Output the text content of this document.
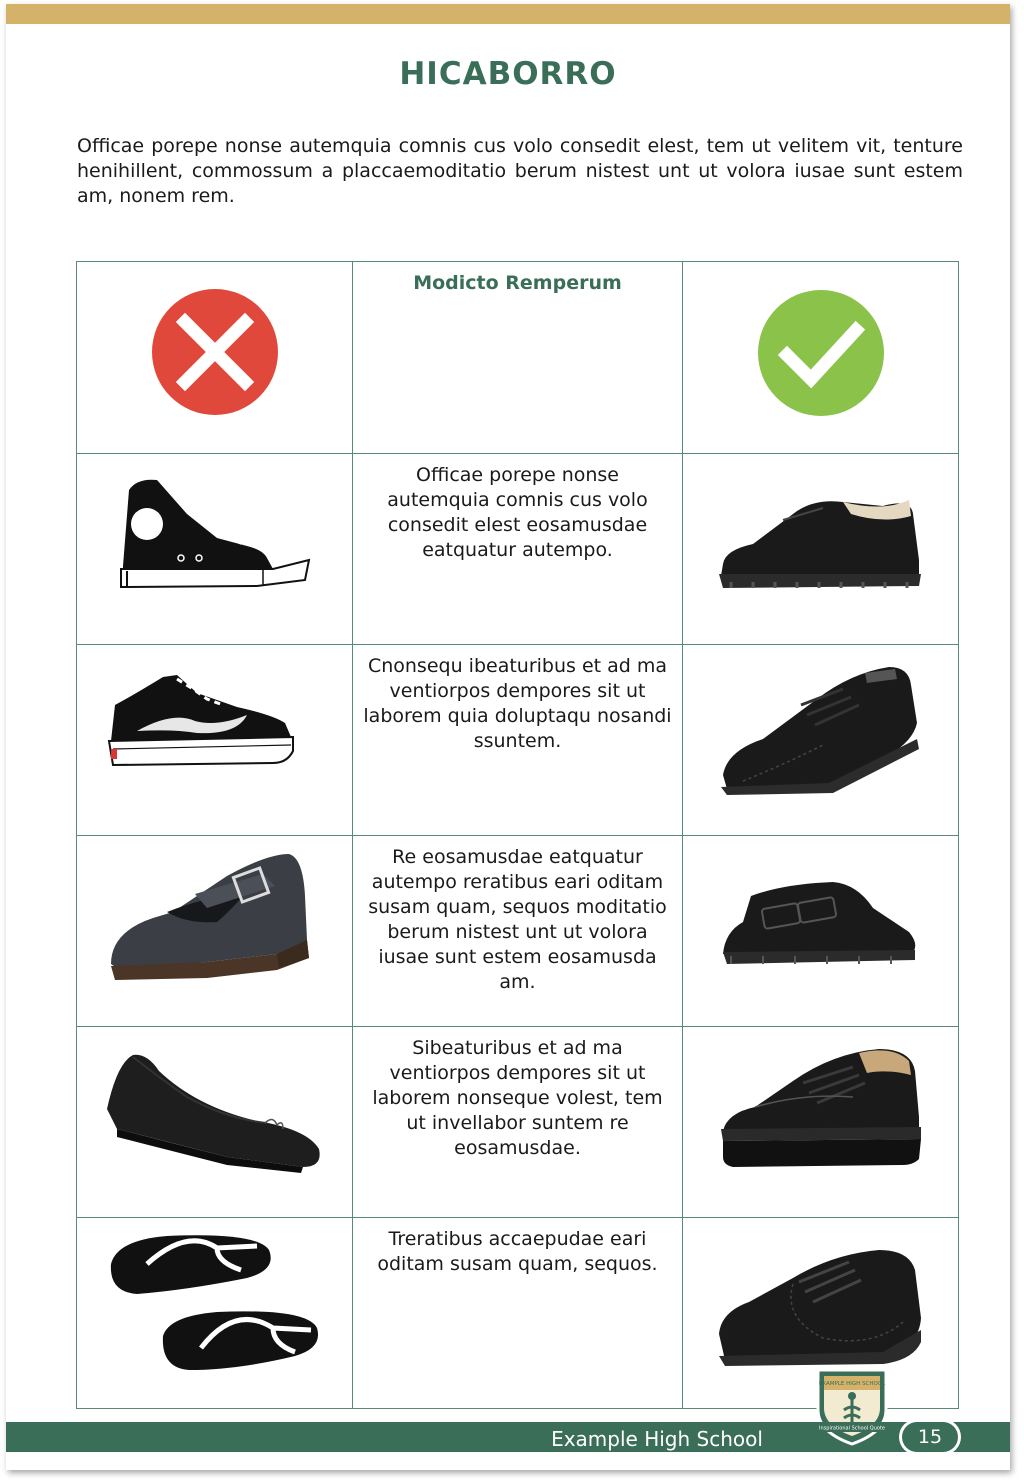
HICABORRO

Officae porepe nonse autemquia comnis cus volo consedit elest, tem ut velitem vit, tenture henihillent, commossum a placcaemoditatio berum nistest unt ut volora iusae sunt estem am, nonem rem.

	Modicto Remperum	

	Officae porepe nonse autemquia comnis cus volo consedit elest eosamusdae eatquatur autempo.	

	Cnonsequ ibeaturibus et ad ma ventiorpos dempores sit ut laborem quia doluptaqu nosandi ssuntem.	

	Re eosamusdae eatquatur autempo reratibus eari oditam susam quam, sequos moditatio berum nistest unt ut volora iusae sunt estem eosamusda am.	

	Sibeaturibus et ad ma ventiorpos dempores sit ut laborem nonseque volest, tem ut invellabor suntem re eosamusdae.	

	Treratibus accaepudae eari oditam susam quam, sequos.	
Example High School
EXAMPLE HIGH SCHOOL
Inspirational School Quote	15
